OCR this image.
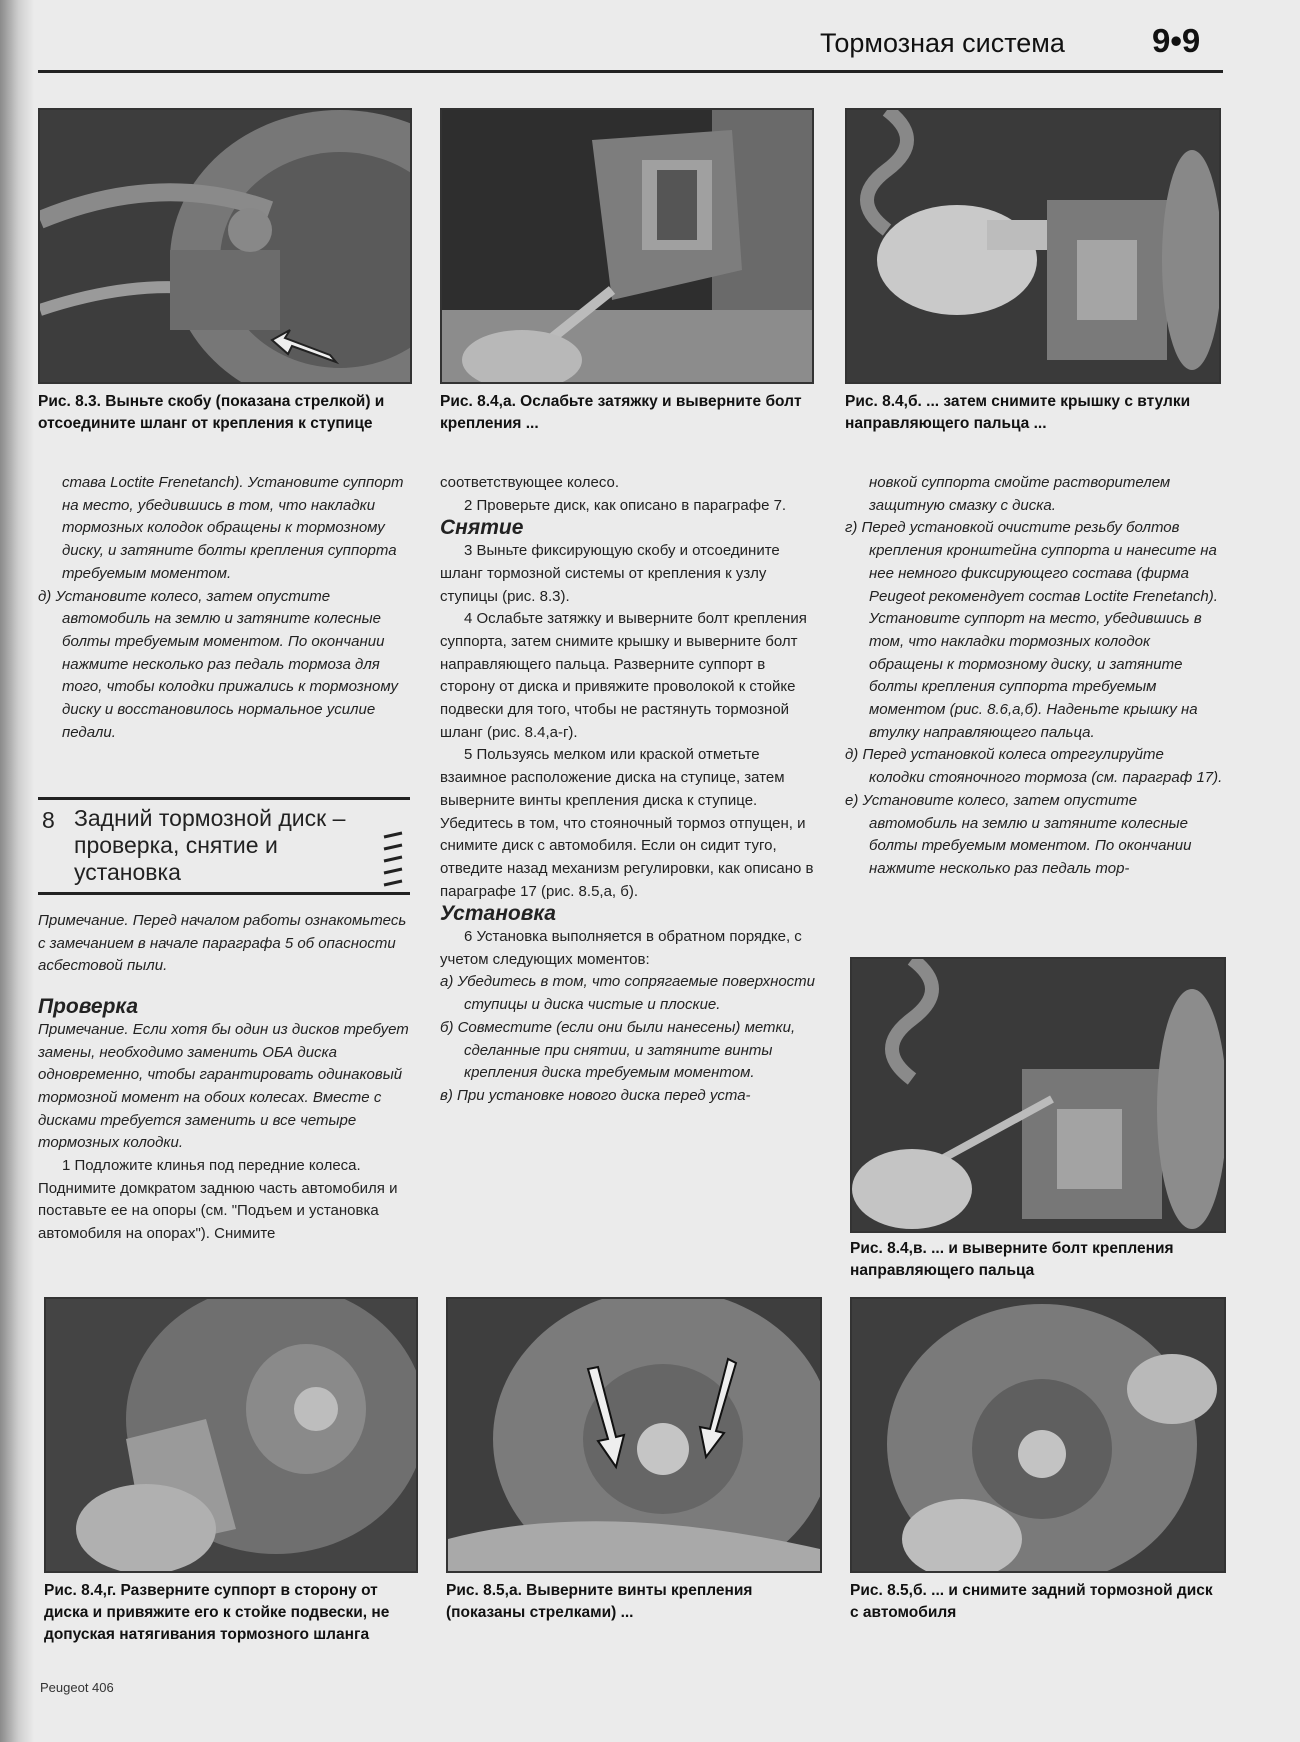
Тормозная система	9•9
Рис. 8.3. Выньте скобу (показана стрелкой) и отсоедините шланг от крепления к ступице
Рис. 8.4,а. Ослабьте затяжку и выверните болт крепления ...
Рис. 8.4,б. ... затем снимите крышку с втулки направляющего пальца ...
Рис. 8.4,в. ... и выверните болт крепления направляющего пальца
Рис. 8.4,г. Разверните суппорт в сторону от диска и привяжите его к стойке подвески, не допуская натягивания тормозного шланга
Рис. 8.5,а. Выверните винты крепления (показаны стрелками) ...
Рис. 8.5,б. ... и снимите задний тормозной диск с автомобиля

става Loctite Frenetanch). Установите суппорт на место, убедившись в том, что накладки тормозных колодок обращены к тормозному диску, и затяните болты крепления суппорта требуемым моментом.

д) Установите колесо, затем опустите автомобиль на землю и затяните колесные болты требуемым моментом. По окончании нажмите несколько раз педаль тормоза для того, чтобы колодки прижались к тормозному диску и восстановилось нормальное усилие педали.

8 Задний тормозной диск – проверка, снятие и установка

Примечание. Перед началом работы ознакомьтесь с замечанием в начале параграфа 5 об опасности асбестовой пыли.

Проверка

Примечание. Если хотя бы один из дисков требует замены, необходимо заменить ОБА диска одновременно, чтобы гарантировать одинаковый тормозной момент на обоих колесах. Вместе с дисками требуется заменить и все четыре тормозных колодки.

1 Подложите клинья под передние колеса. Поднимите домкратом заднюю часть автомобиля и поставьте ее на опоры (см. "Подъем и установка автомобиля на опорах"). Снимите

соответствующее колесо.

2 Проверьте диск, как описано в параграфе 7.

Снятие

3 Выньте фиксирующую скобу и отсоедините шланг тормозной системы от крепления к узлу ступицы (рис. 8.3).

4 Ослабьте затяжку и выверните болт крепления суппорта, затем снимите крышку и выверните болт направляющего пальца. Разверните суппорт в сторону от диска и привяжите проволокой к стойке подвески для того, чтобы не растянуть тормозной шланг (рис. 8.4,а-г).

5 Пользуясь мелком или краской отметьте взаимное расположение диска на ступице, затем выверните винты крепления диска к ступице. Убедитесь в том, что стояночный тормоз отпущен, и снимите диск с автомобиля. Если он сидит туго, отведите назад механизм регулировки, как описано в параграфе 17 (рис. 8.5,а, б).

Установка

6 Установка выполняется в обратном порядке, с учетом следующих моментов:

а) Убедитесь в том, что сопрягаемые поверхности ступицы и диска чистые и плоские.

б) Совместите (если они были нанесены) метки, сделанные при снятии, и затяните винты крепления диска требуемым моментом.

в) При установке нового диска перед уста-

новкой суппорта смойте растворителем защитную смазку с диска.

г) Перед установкой очистите резьбу болтов крепления кронштейна суппорта и нанесите на нее немного фиксирующего состава (фирма Peugeot рекомендует состав Loctite Frenetanch). Установите суппорт на место, убедившись в том, что накладки тормозных колодок обращены к тормозному диску, и затяните болты крепления суппорта требуемым моментом (рис. 8.6,а,б). Наденьте крышку на втулку направляющего пальца.

д) Перед установкой колеса отрегулируйте колодки стояночного тормоза (см. параграф 17).

е) Установите колесо, затем опустите автомобиль на землю и затяните колесные болты требуемым моментом. По окончании нажмите несколько раз педаль тор-

Peugeot 406
